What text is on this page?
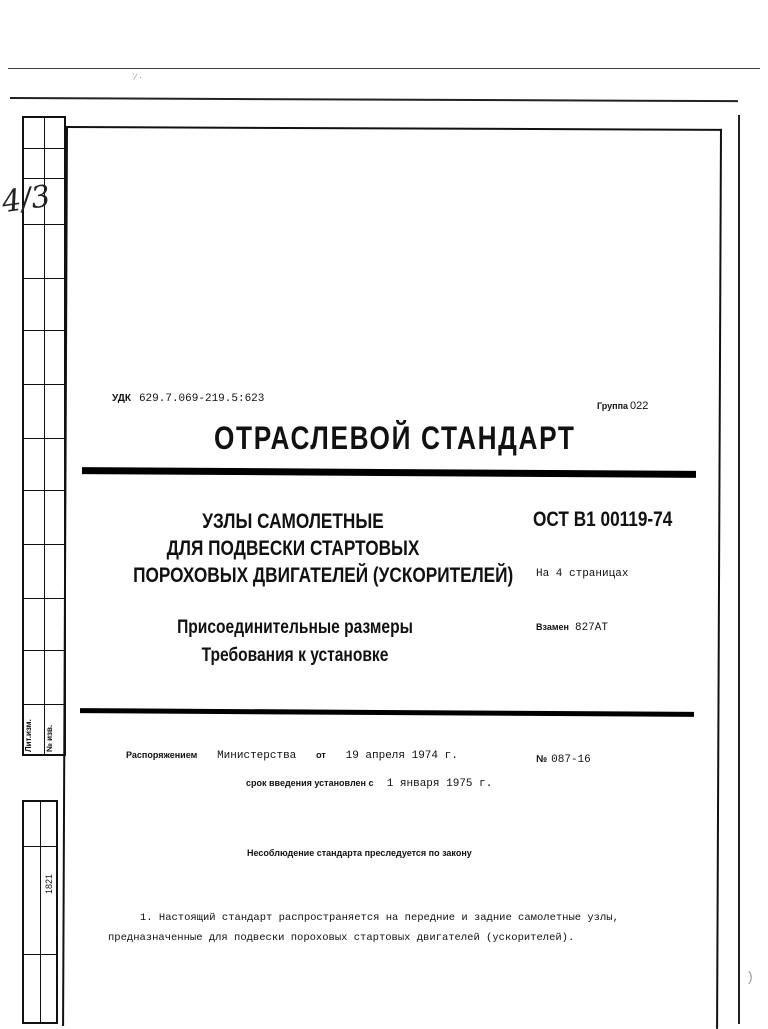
ˈ⁄ ·
Лит.изм. № изв.
1821
4/3
УДК 629.7.069-219.5:623
Группа 022
ОТРАСЛЕВОЙ СТАНДАРТ
УЗЛЫ САМОЛЕТНЫЕ
ДЛЯ ПОДВЕСКИ СТАРТОВЫХ
ПОРОХОВЫХ ДВИГАТЕЛЕЙ (УСКОРИТЕЛЕЙ)
Присоединительные размеры
Требования к установке
ОСТ В1 00119-74
На 4 страницах
Взамен 827АТ
Распоряжением Министерства от 19 апреля 1974 г.	№ 087-16
срок введения установлен с 1 января 1975 г.
Несоблюдение стандарта преследуется по закону
1. Настоящий стандарт распространяется на передние и задние самолетные узлы, предназначенные для подвески пороховых стартовых двигателей (ускорителей).
)
